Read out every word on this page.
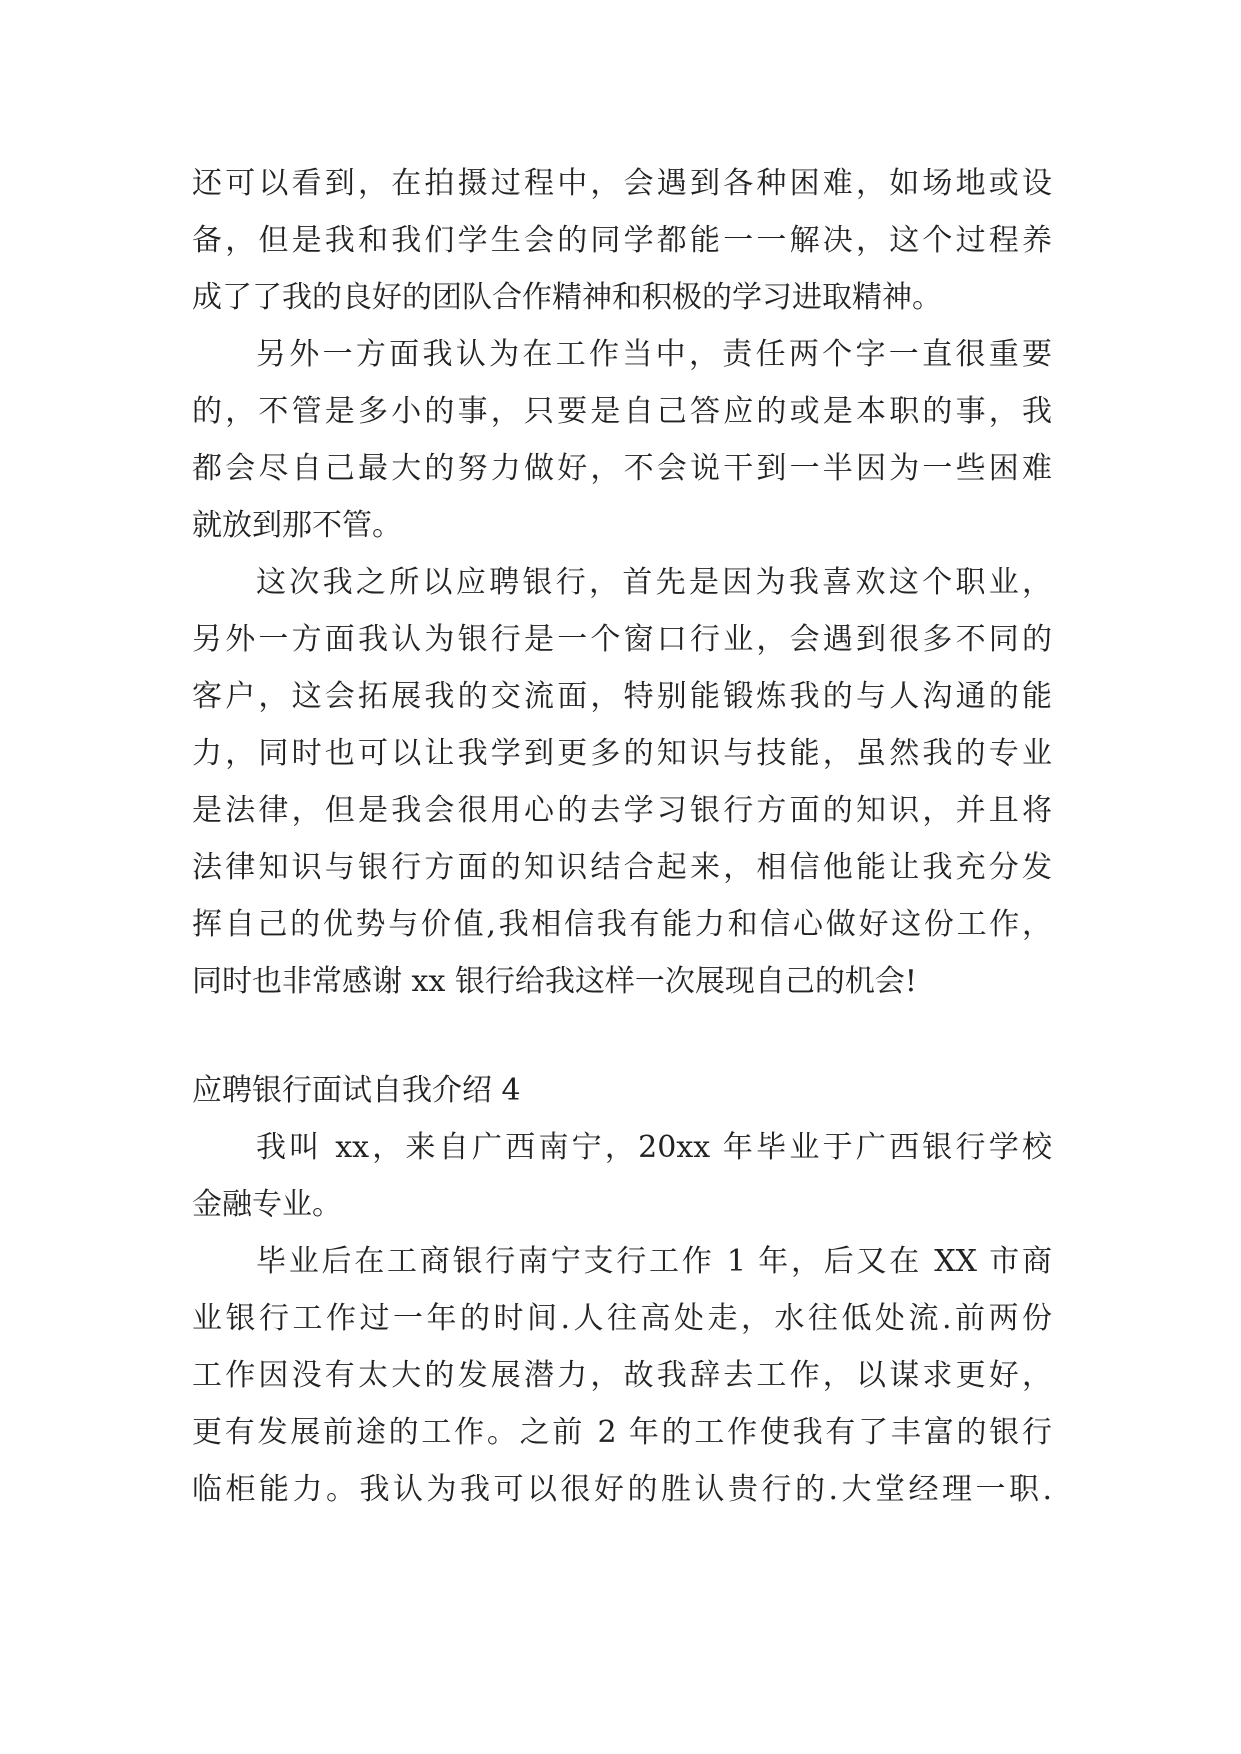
还可以看到，在拍摄过程中，会遇到各种困难，如场地或设
备，但是我和我们学生会的同学都能一一解决，这个过程养
成了了我的良好的团队合作精神和积极的学习进取精神。
另外一方面我认为在工作当中，责任两个字一直很重要
的，不管是多小的事，只要是自己答应的或是本职的事，我
都会尽自己最大的努力做好，不会说干到一半因为一些困难
就放到那不管。
这次我之所以应聘银行，首先是因为我喜欢这个职业，
另外一方面我认为银行是一个窗口行业，会遇到很多不同的
客户，这会拓展我的交流面，特别能锻炼我的与人沟通的能
力，同时也可以让我学到更多的知识与技能，虽然我的专业
是法律，但是我会很用心的去学习银行方面的知识，并且将
法律知识与银行方面的知识结合起来，相信他能让我充分发
挥自己的优势与价值,我相信我有能力和信心做好这份工作，
同时也非常感谢 xx 银行给我这样一次展现自己的机会!
应聘银行面试自我介绍 4
我叫 xx，来自广西南宁，20xx 年毕业于广西银行学校
金融专业。
毕业后在工商银行南宁支行工作 1 年，后又在 XX 市商
业银行工作过一年的时间.人往高处走，水往低处流.前两份
工作因没有太大的发展潜力，故我辞去工作，以谋求更好，
更有发展前途的工作。之前 2 年的工作使我有了丰富的银行
临柜能力。我认为我可以很好的胜认贵行的.大堂经理一职.
